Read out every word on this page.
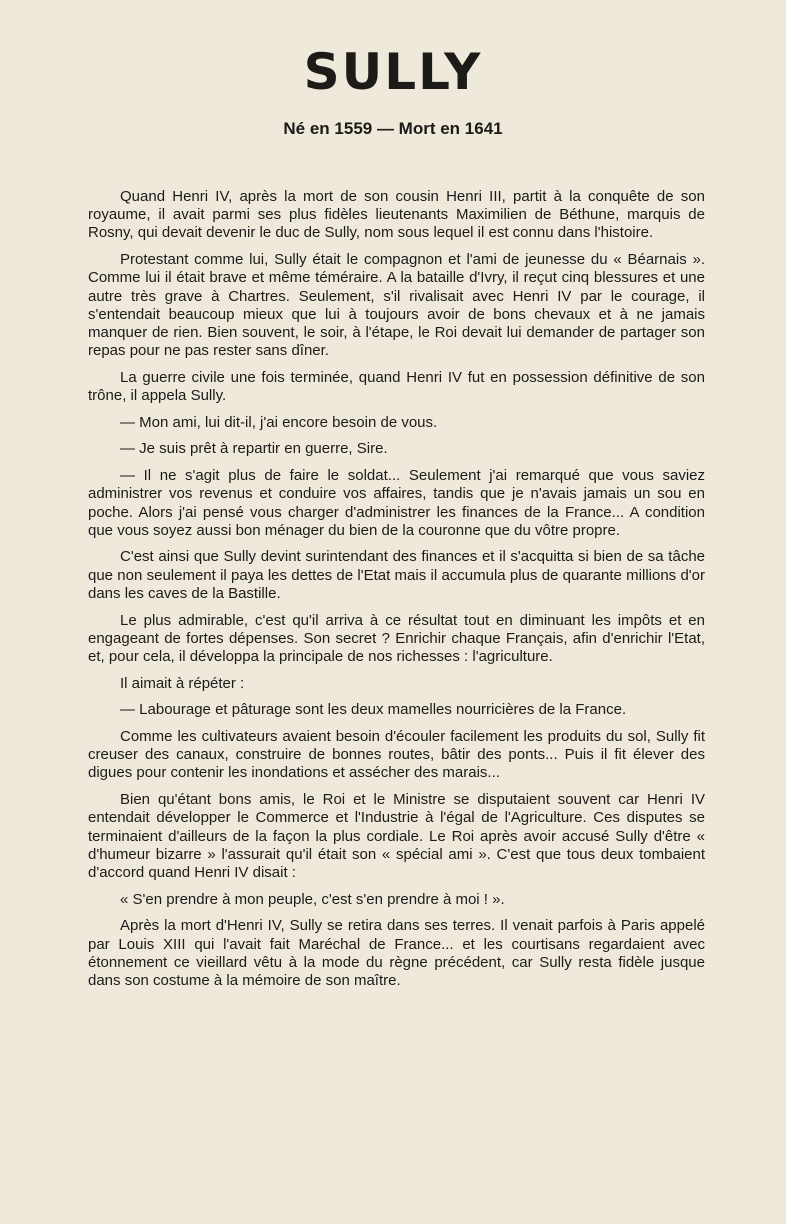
SULLY
Né en 1559 — Mort en 1641

Quand Henri IV, après la mort de son cousin Henri III, partit à la conquête de son royaume, il avait parmi ses plus fidèles lieutenants Maximilien de Béthune, marquis de Rosny, qui devait devenir le duc de Sully, nom sous lequel il est connu dans l'histoire.

Protestant comme lui, Sully était le compagnon et l'ami de jeunesse du « Béarnais ». Comme lui il était brave et même téméraire. A la bataille d'Ivry, il reçut cinq blessures et une autre très grave à Chartres. Seulement, s'il rivalisait avec Henri IV par le courage, il s'entendait beaucoup mieux que lui à toujours avoir de bons chevaux et à ne jamais manquer de rien. Bien souvent, le soir, à l'étape, le Roi devait lui demander de partager son repas pour ne pas rester sans dîner.

La guerre civile une fois terminée, quand Henri IV fut en possession définitive de son trône, il appela Sully.

— Mon ami, lui dit-il, j'ai encore besoin de vous.

— Je suis prêt à repartir en guerre, Sire.

— Il ne s'agit plus de faire le soldat... Seulement j'ai remarqué que vous saviez administrer vos revenus et conduire vos affaires, tandis que je n'avais jamais un sou en poche. Alors j'ai pensé vous charger d'administrer les finances de la France... A condition que vous soyez aussi bon ménager du bien de la couronne que du vôtre propre.

C'est ainsi que Sully devint surintendant des finances et il s'acquitta si bien de sa tâche que non seulement il paya les dettes de l'Etat mais il accumula plus de quarante millions d'or dans les caves de la Bastille.

Le plus admirable, c'est qu'il arriva à ce résultat tout en diminuant les impôts et en engageant de fortes dépenses. Son secret ? Enrichir chaque Français, afin d'enrichir l'Etat, et, pour cela, il développa la principale de nos richesses : l'agriculture.

Il aimait à répéter :

— Labourage et pâturage sont les deux mamelles nourricières de la France.

Comme les cultivateurs avaient besoin d'écouler facilement les produits du sol, Sully fit creuser des canaux, construire de bonnes routes, bâtir des ponts... Puis il fit élever des digues pour contenir les inondations et assécher des marais...

Bien qu'étant bons amis, le Roi et le Ministre se disputaient souvent car Henri IV entendait développer le Commerce et l'Industrie à l'égal de l'Agriculture. Ces disputes se terminaient d'ailleurs de la façon la plus cordiale. Le Roi après avoir accusé Sully d'être « d'humeur bizarre » l'assurait qu'il était son « spécial ami ». C'est que tous deux tombaient d'accord quand Henri IV disait :

« S'en prendre à mon peuple, c'est s'en prendre à moi ! ».

Après la mort d'Henri IV, Sully se retira dans ses terres. Il venait parfois à Paris appelé par Louis XIII qui l'avait fait Maréchal de France... et les courtisans regardaient avec étonnement ce vieillard vêtu à la mode du règne précédent, car Sully resta fidèle jusque dans son costume à la mémoire de son maître.
